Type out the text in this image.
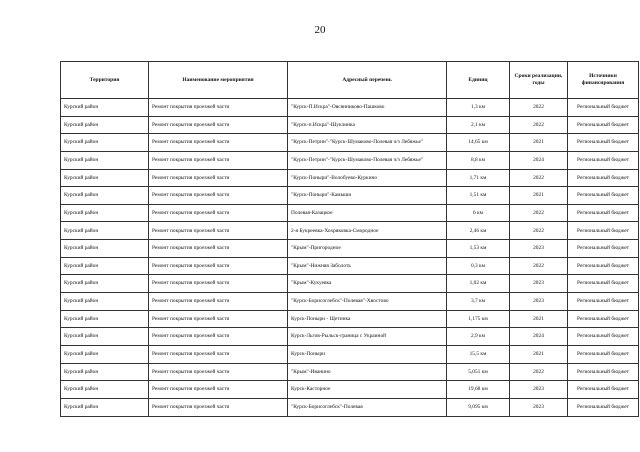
20
Территория	Наименование мероприятия	Адресный перечень	Единиц	Сроки реализации, годы	Источники финансирования
Курский район	Ремонт покрытия проезжей части	"Курск-П.Искра"-Овсянниково-Пашково	1,3 км	2022	Региональный бюджет
Курский район	Ремонт покрытия проезжей части	"Курск-п.Искра"-Шуклинка	2,1 км	2022	Региональный бюджет
Курский район	Ремонт покрытия проезжей части	"Курск-Петрин"-"Курск-Шумаково-Полевая ч/з Лебяжье"	14,65 км	2021	Региональный бюджет
Курский район	Ремонт покрытия проезжей части	"Курск-Петрин"-"Курск-Шумаково-Полевая ч/з Лебяжье"	8,8 км	2024	Региональный бюджет
Курский район	Ремонт покрытия проезжей части	"Курск-Поныри"-Волобуево-Куркино	1,71 км	2022	Региональный бюджет
Курский район	Ремонт покрытия проезжей части	"Курск-Поныри"-Камыши	1,51 км	2021	Региональный бюджет
Курский район	Ремонт покрытия проезжей части	Полевая-Казацкое	6 км	2022	Региональный бюджет
Курский район	Ремонт покрытия проезжей части	2-я Букреевка-Хохряковка-Смородное	2,46 км	2022	Региональный бюджет
Курский район	Ремонт покрытия проезжей части	"Крым"-Пригородное	1,53 км	2023	Региональный бюджет
Курский район	Ремонт покрытия проезжей части	"Крым"-Нижняя Заболоть	0,3 км	2022	Региональный бюджет
Курский район	Ремонт покрытия проезжей части	"Крым"-Кукуевка	1,02 км	2023	Региональный бюджет
Курский район	Ремонт покрытия проезжей части	"Курск-Борисоглебск"-Полевая"-Хвостово	3,7 км	2023	Региональный бюджет
Курский район	Ремонт покрытия проезжей части	Курск-Поныри - Щетинка	1,175 км	2021	Региональный бюджет
Курский район	Ремонт покрытия проезжей части	Курск-Льгов-Рыльск-граница с Украиной	2,9 км	2024	Региональный бюджет
Курский район	Ремонт покрытия проезжей части	Курск-Поныри	15,5 км	2021	Региональный бюджет
Курский район	Ремонт покрытия проезжей части	"Крым"-Иванино	5,051 км	2022	Региональный бюджет
Курский район	Ремонт покрытия проезжей части	Курск-Касторное	19,68 км	2023	Региональный бюджет
Курский район	Ремонт покрытия проезжей части	"Курск-Борисоглебск"-Полевая	9,095 км	2023	Региональный бюджет
